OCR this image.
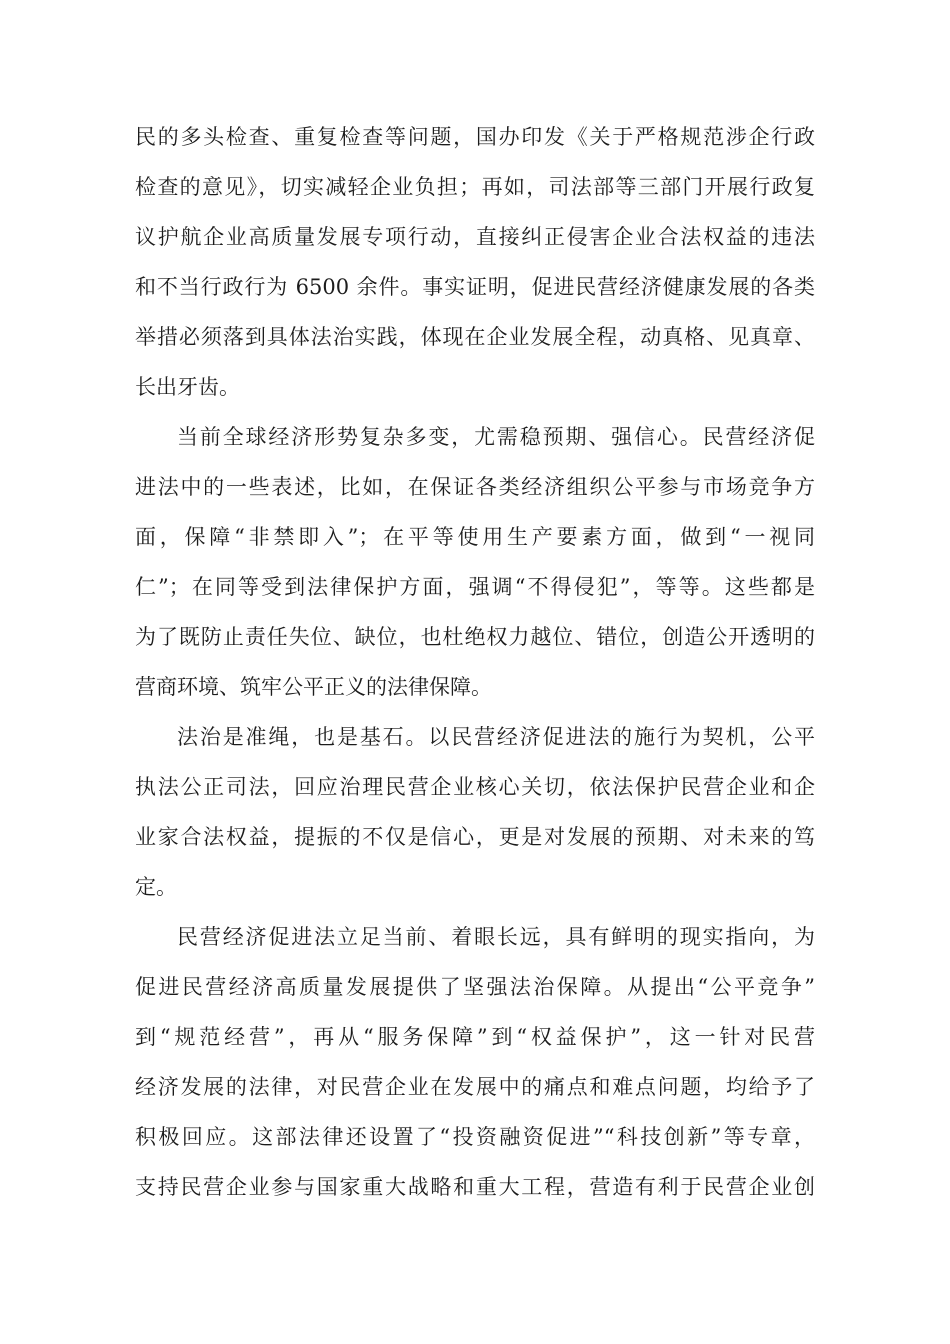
民的多头检查、重复检查等问题，国办印发《关于严格规范涉企行政
检查的意见》，切实减轻企业负担；再如，司法部等三部门开展行政复
议护航企业高质量发展专项行动，直接纠正侵害企业合法权益的违法
和不当行政行为 6500 余件。事实证明，促进民营经济健康发展的各类
举措必须落到具体法治实践，体现在企业发展全程，动真格、见真章、
长出牙齿。
当前全球经济形势复杂多变，尤需稳预期、强信心。民营经济促
进法中的一些表述，比如，在保证各类经济组织公平参与市场竞争方
面，保障“非禁即入”；在平等使用生产要素方面，做到“一视同
仁”；在同等受到法律保护方面，强调“不得侵犯”，等等。这些都是
为了既防止责任失位、缺位，也杜绝权力越位、错位，创造公开透明的
营商环境、筑牢公平正义的法律保障。
法治是准绳，也是基石。以民营经济促进法的施行为契机，公平
执法公正司法，回应治理民营企业核心关切，依法保护民营企业和企
业家合法权益，提振的不仅是信心，更是对发展的预期、对未来的笃
定。
民营经济促进法立足当前、着眼长远，具有鲜明的现实指向，为
促进民营经济高质量发展提供了坚强法治保障。从提出“公平竞争”
到“规范经营”，再从“服务保障”到“权益保护”，这一针对民营
经济发展的法律，对民营企业在发展中的痛点和难点问题，均给予了
积极回应。这部法律还设置了“投资融资促进”“科技创新”等专章，
支持民营企业参与国家重大战略和重大工程，营造有利于民营企业创
